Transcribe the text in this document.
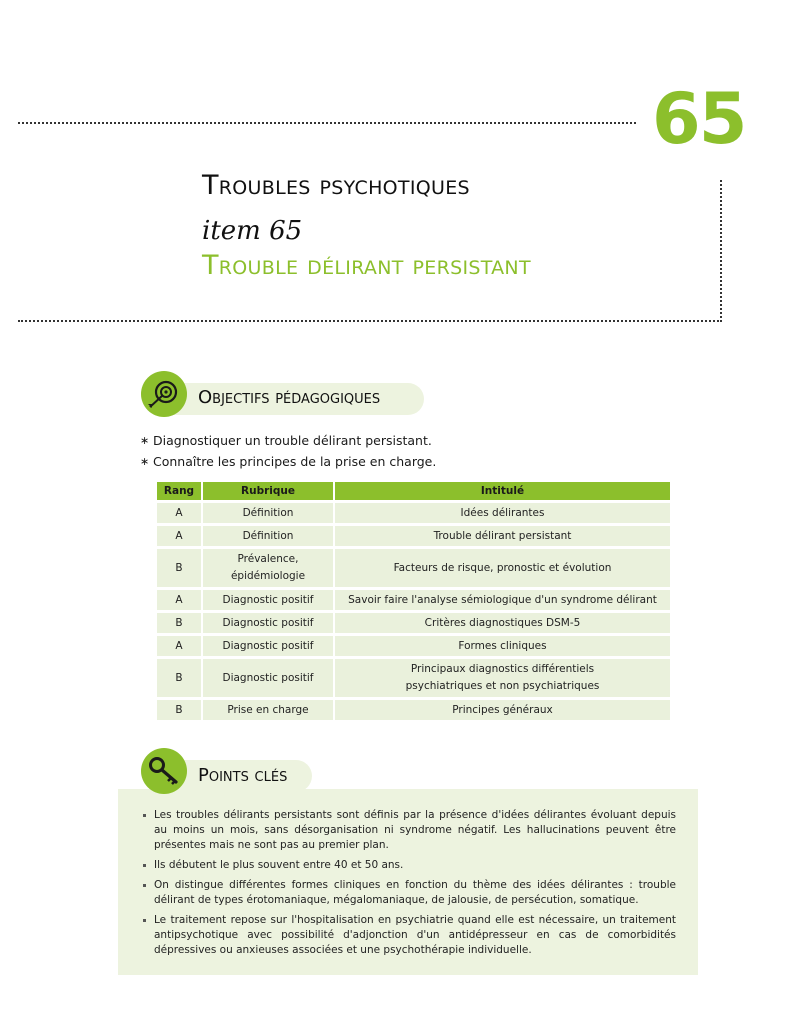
65
Troubles psychotiques
item 65
Trouble délirant persistant
Objectifs pédagogiques
∗ Diagnostiquer un trouble délirant persistant.
∗ Connaître les principes de la prise en charge.
Rang	Rubrique	Intitulé
A	Définition	Idées délirantes
A	Définition	Trouble délirant persistant
B	Prévalence, épidémiologie	Facteurs de risque, pronostic et évolution
A	Diagnostic positif	Savoir faire l'analyse sémiologique d'un syndrome délirant
B	Diagnostic positif	Critères diagnostiques DSM-5
A	Diagnostic positif	Formes cliniques
B	Diagnostic positif	Principaux diagnostics différentiels psychiatriques et non psychiatriques
B	Prise en charge	Principes généraux
Points clés
Les troubles délirants persistants sont définis par la présence d'idées délirantes évoluant depuis au moins un mois, sans désorganisation ni syndrome négatif. Les hallucinations peuvent être présentes mais ne sont pas au premier plan.
Ils débutent le plus souvent entre 40 et 50 ans.
On distingue différentes formes cliniques en fonction du thème des idées délirantes : trouble délirant de types érotomaniaque, mégalomaniaque, de jalousie, de persécution, somatique.
Le traitement repose sur l'hospitalisation en psychiatrie quand elle est nécessaire, un traitement antipsychotique avec possibilité d'adjonction d'un antidépresseur en cas de comorbidités dépressives ou anxieuses associées et une psychothérapie individuelle.
